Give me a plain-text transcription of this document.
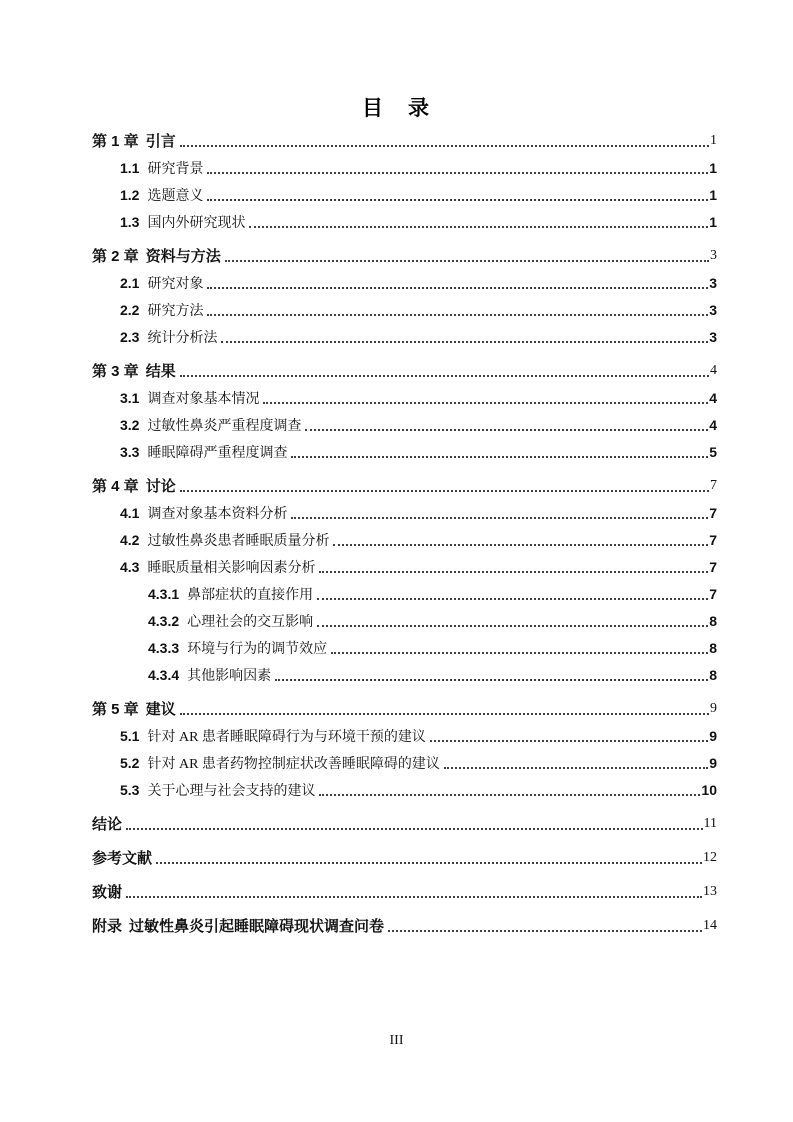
目　录
第 1 章 引言	1
1.1 研究背景	1
1.2 选题意义	1
1.3 国内外研究现状	1
第 2 章 资料与方法	3
2.1 研究对象	3
2.2 研究方法	3
2.3 统计分析法	3
第 3 章 结果	4
3.1 调查对象基本情况	4
3.2 过敏性鼻炎严重程度调查	4
3.3 睡眠障碍严重程度调查	5
第 4 章 讨论	7
4.1 调查对象基本资料分析	7
4.2 过敏性鼻炎患者睡眠质量分析	7
4.3 睡眠质量相关影响因素分析	7
4.3.1 鼻部症状的直接作用	7
4.3.2 心理社会的交互影响	8
4.3.3 环境与行为的调节效应	8
4.3.4 其他影响因素	8
第 5 章 建议	9
5.1 针对 AR 患者睡眠障碍行为与环境干预的建议	9
5.2 针对 AR 患者药物控制症状改善睡眠障碍的建议	9
5.3 关于心理与社会支持的建议	10
结论	11
参考文献	12
致谢	13
附录 过敏性鼻炎引起睡眠障碍现状调查问卷	14
III
